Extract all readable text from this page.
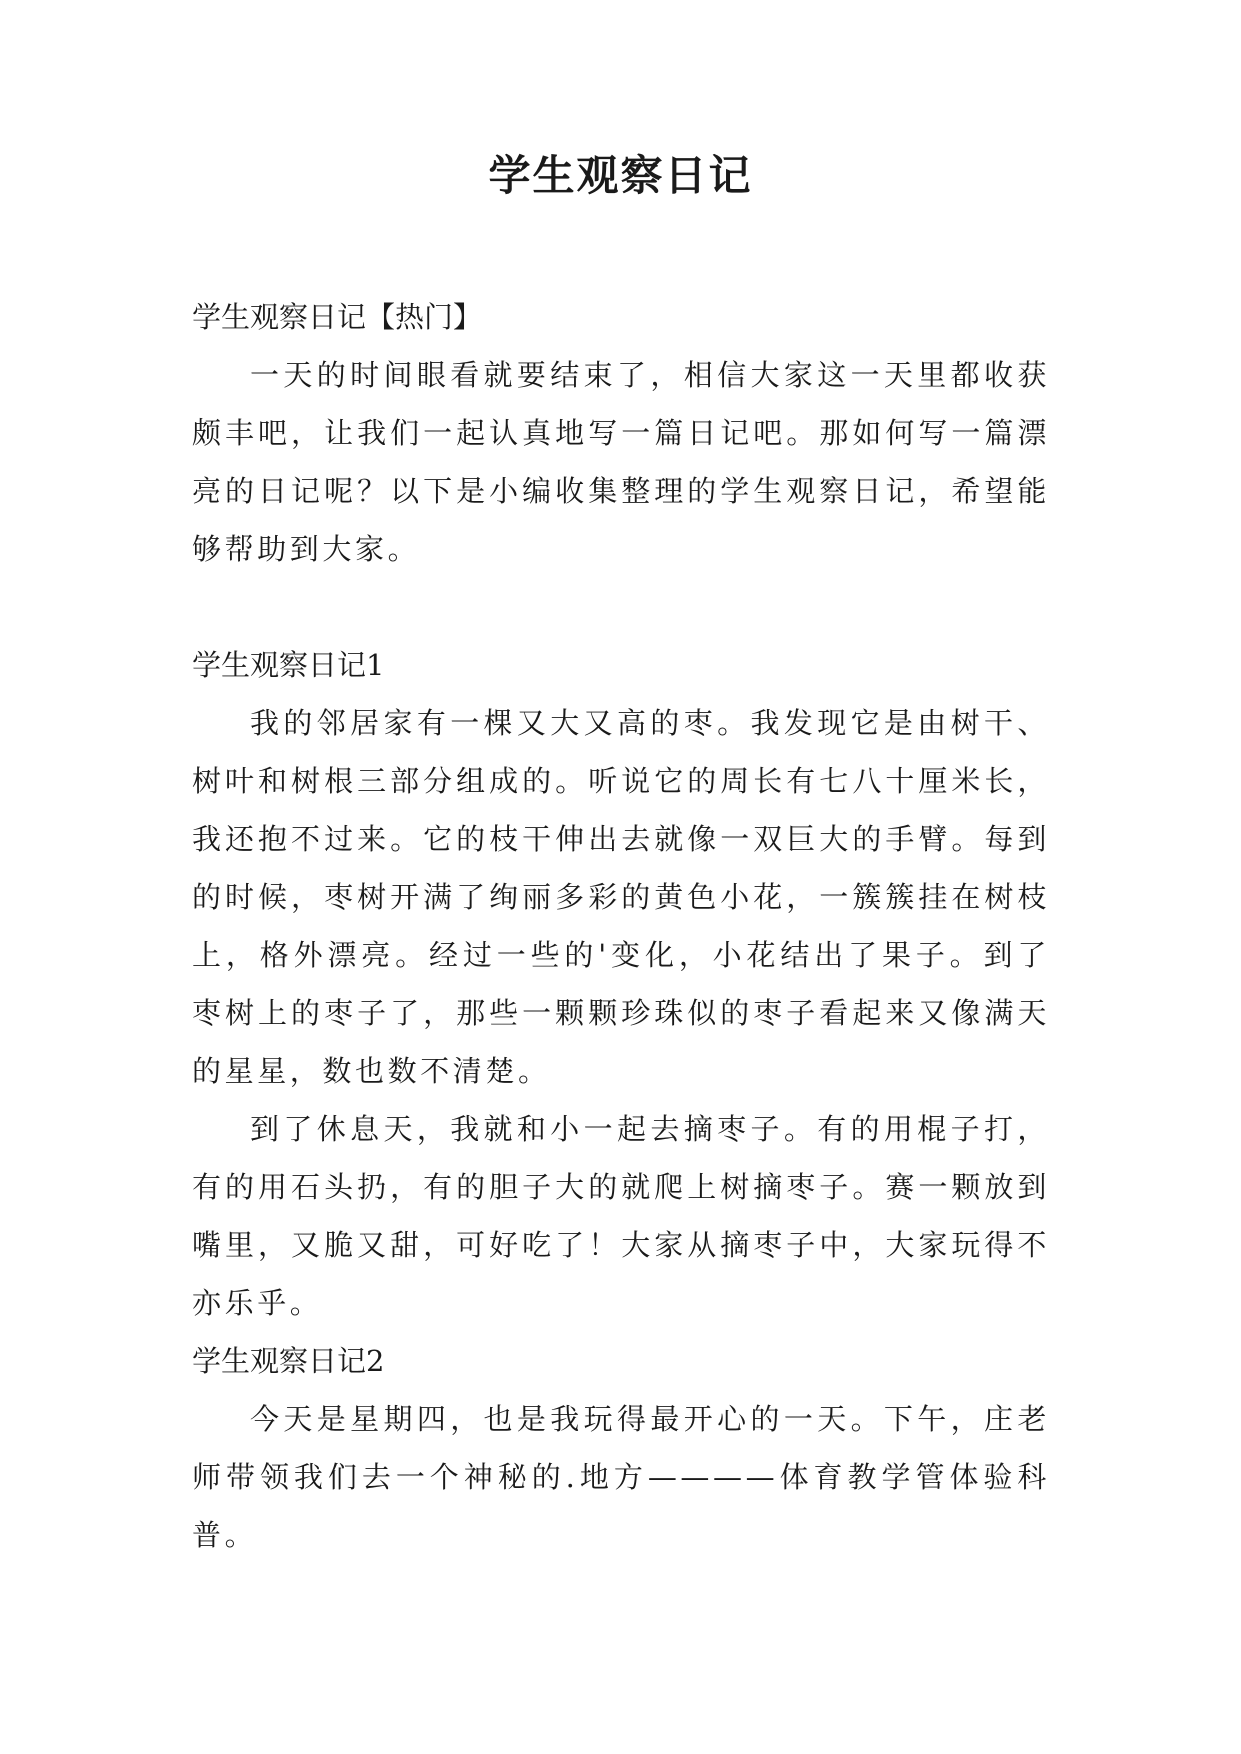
学生观察日记

学生观察日记【热门】

一天的时间眼看就要结束了，相信大家这一天里都收获颇丰吧，让我们一起认真地写一篇日记吧。那如何写一篇漂亮的日记呢？以下是小编收集整理的学生观察日记，希望能够帮助到大家。

学生观察日记1

我的邻居家有一棵又大又高的枣。我发现它是由树干、树叶和树根三部分组成的。听说它的周长有七八十厘米长，我还抱不过来。它的枝干伸出去就像一双巨大的手臂。每到的时候，枣树开满了绚丽多彩的黄色小花，一簇簇挂在树枝上，格外漂亮。经过一些的'变化，小花结出了果子。到了枣树上的枣子了，那些一颗颗珍珠似的枣子看起来又像满天的星星，数也数不清楚。

到了休息天，我就和小一起去摘枣子。有的用棍子打，有的用石头扔，有的胆子大的就爬上树摘枣子。赛一颗放到嘴里，又脆又甜，可好吃了！大家从摘枣子中，大家玩得不亦乐乎。

学生观察日记2

今天是星期四，也是我玩得最开心的一天。下午，庄老师带领我们去一个神秘的.地方————体育教学管体验科普。
